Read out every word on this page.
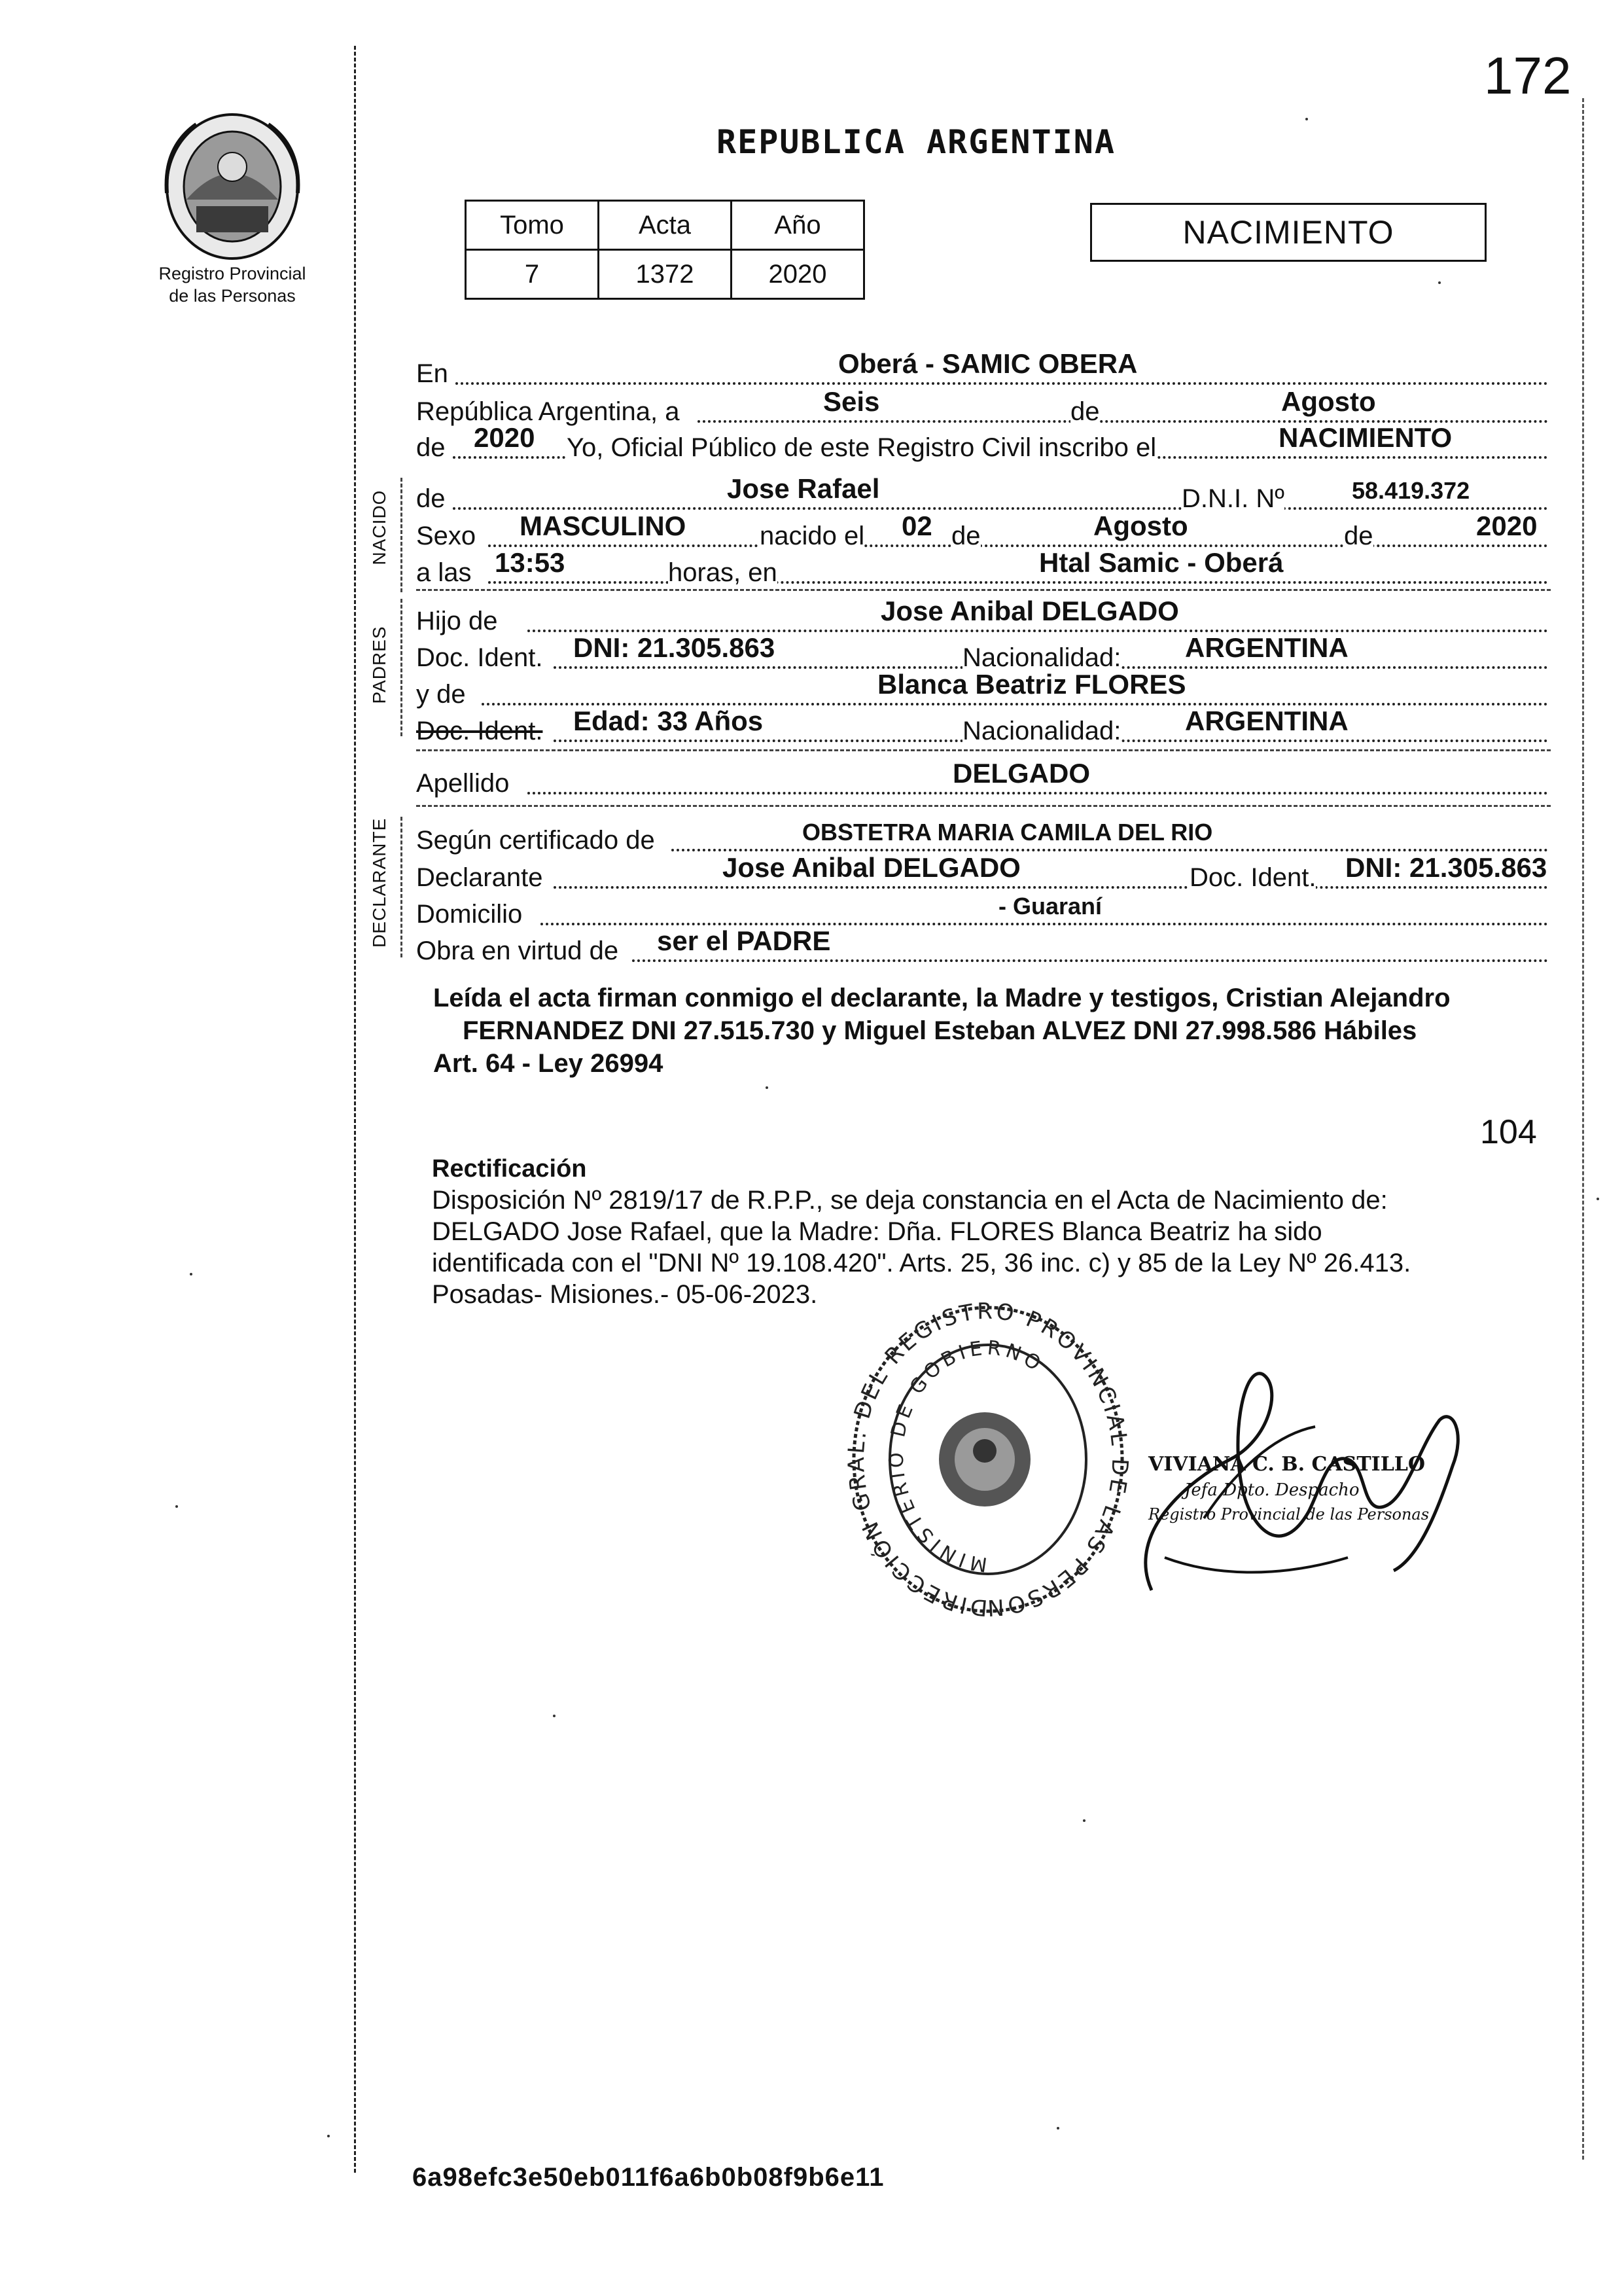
172
Registro Provincial
de las Personas
REPUBLICA ARGENTINA
Tomo	Acta	Año
7	1372	2020
NACIMIENTO
En	Oberá - SAMIC OBERA
República Argentina, a	Seis	de	Agosto
de 2020 Yo, Oficial Público de este Registro Civil inscribo el	NACIMIENTO
NACIDO de	Jose Rafael	D.N.I. Nº	58.419.372
Sexo MASCULINO	nacido el 02 de	Agosto	de	2020
a las 13:53	horas, en	Htal Samic - Oberá
PADRES
Hijo de	Jose Anibal DELGADO
Doc. Ident. DNI: 21.305.863	Nacionalidad: ARGENTINA
y de	Blanca Beatriz FLORES
Doc. Ident. Edad: 33 Años	Nacionalidad: ARGENTINA
Apellido	DELGADO
DECLARANTE Según certificado de	OBSTETRA MARIA CAMILA DEL RIO
Declarante	Jose Anibal DELGADO	Doc. Ident. DNI: 21.305.863
Domicilio	- Guaraní
Obra en virtud de ser el PADRE
Leída el acta firman conmigo el declarante, la Madre y testigos, Cristian Alejandro
FERNANDEZ DNI 27.515.730 y Miguel Esteban ALVEZ DNI 27.998.586 Hábiles
Art. 64 - Ley 26994
104
Rectificación
Disposición Nº 2819/17 de R.P.P., se deja constancia en el Acta de Nacimiento de:
DELGADO Jose Rafael, que la Madre: Dña. FLORES Blanca Beatriz ha sido
identificada con el "DNI Nº 19.108.420". Arts. 25, 36 inc. c) y 85 de la Ley Nº 26.413.
Posadas- Misiones.- 05-06-2023.
DIRECCIÓN GRAL. DEL REGISTRO PROVINCIAL DE LAS PERSON
MINISTERIO DE GOBIERNO
VIVIANA C. B. CASTILLO
Jefa Dpto. Despacho
Registro Provincial de las Personas
6a98efc3e50eb011f6a6b0b08f9b6e11
